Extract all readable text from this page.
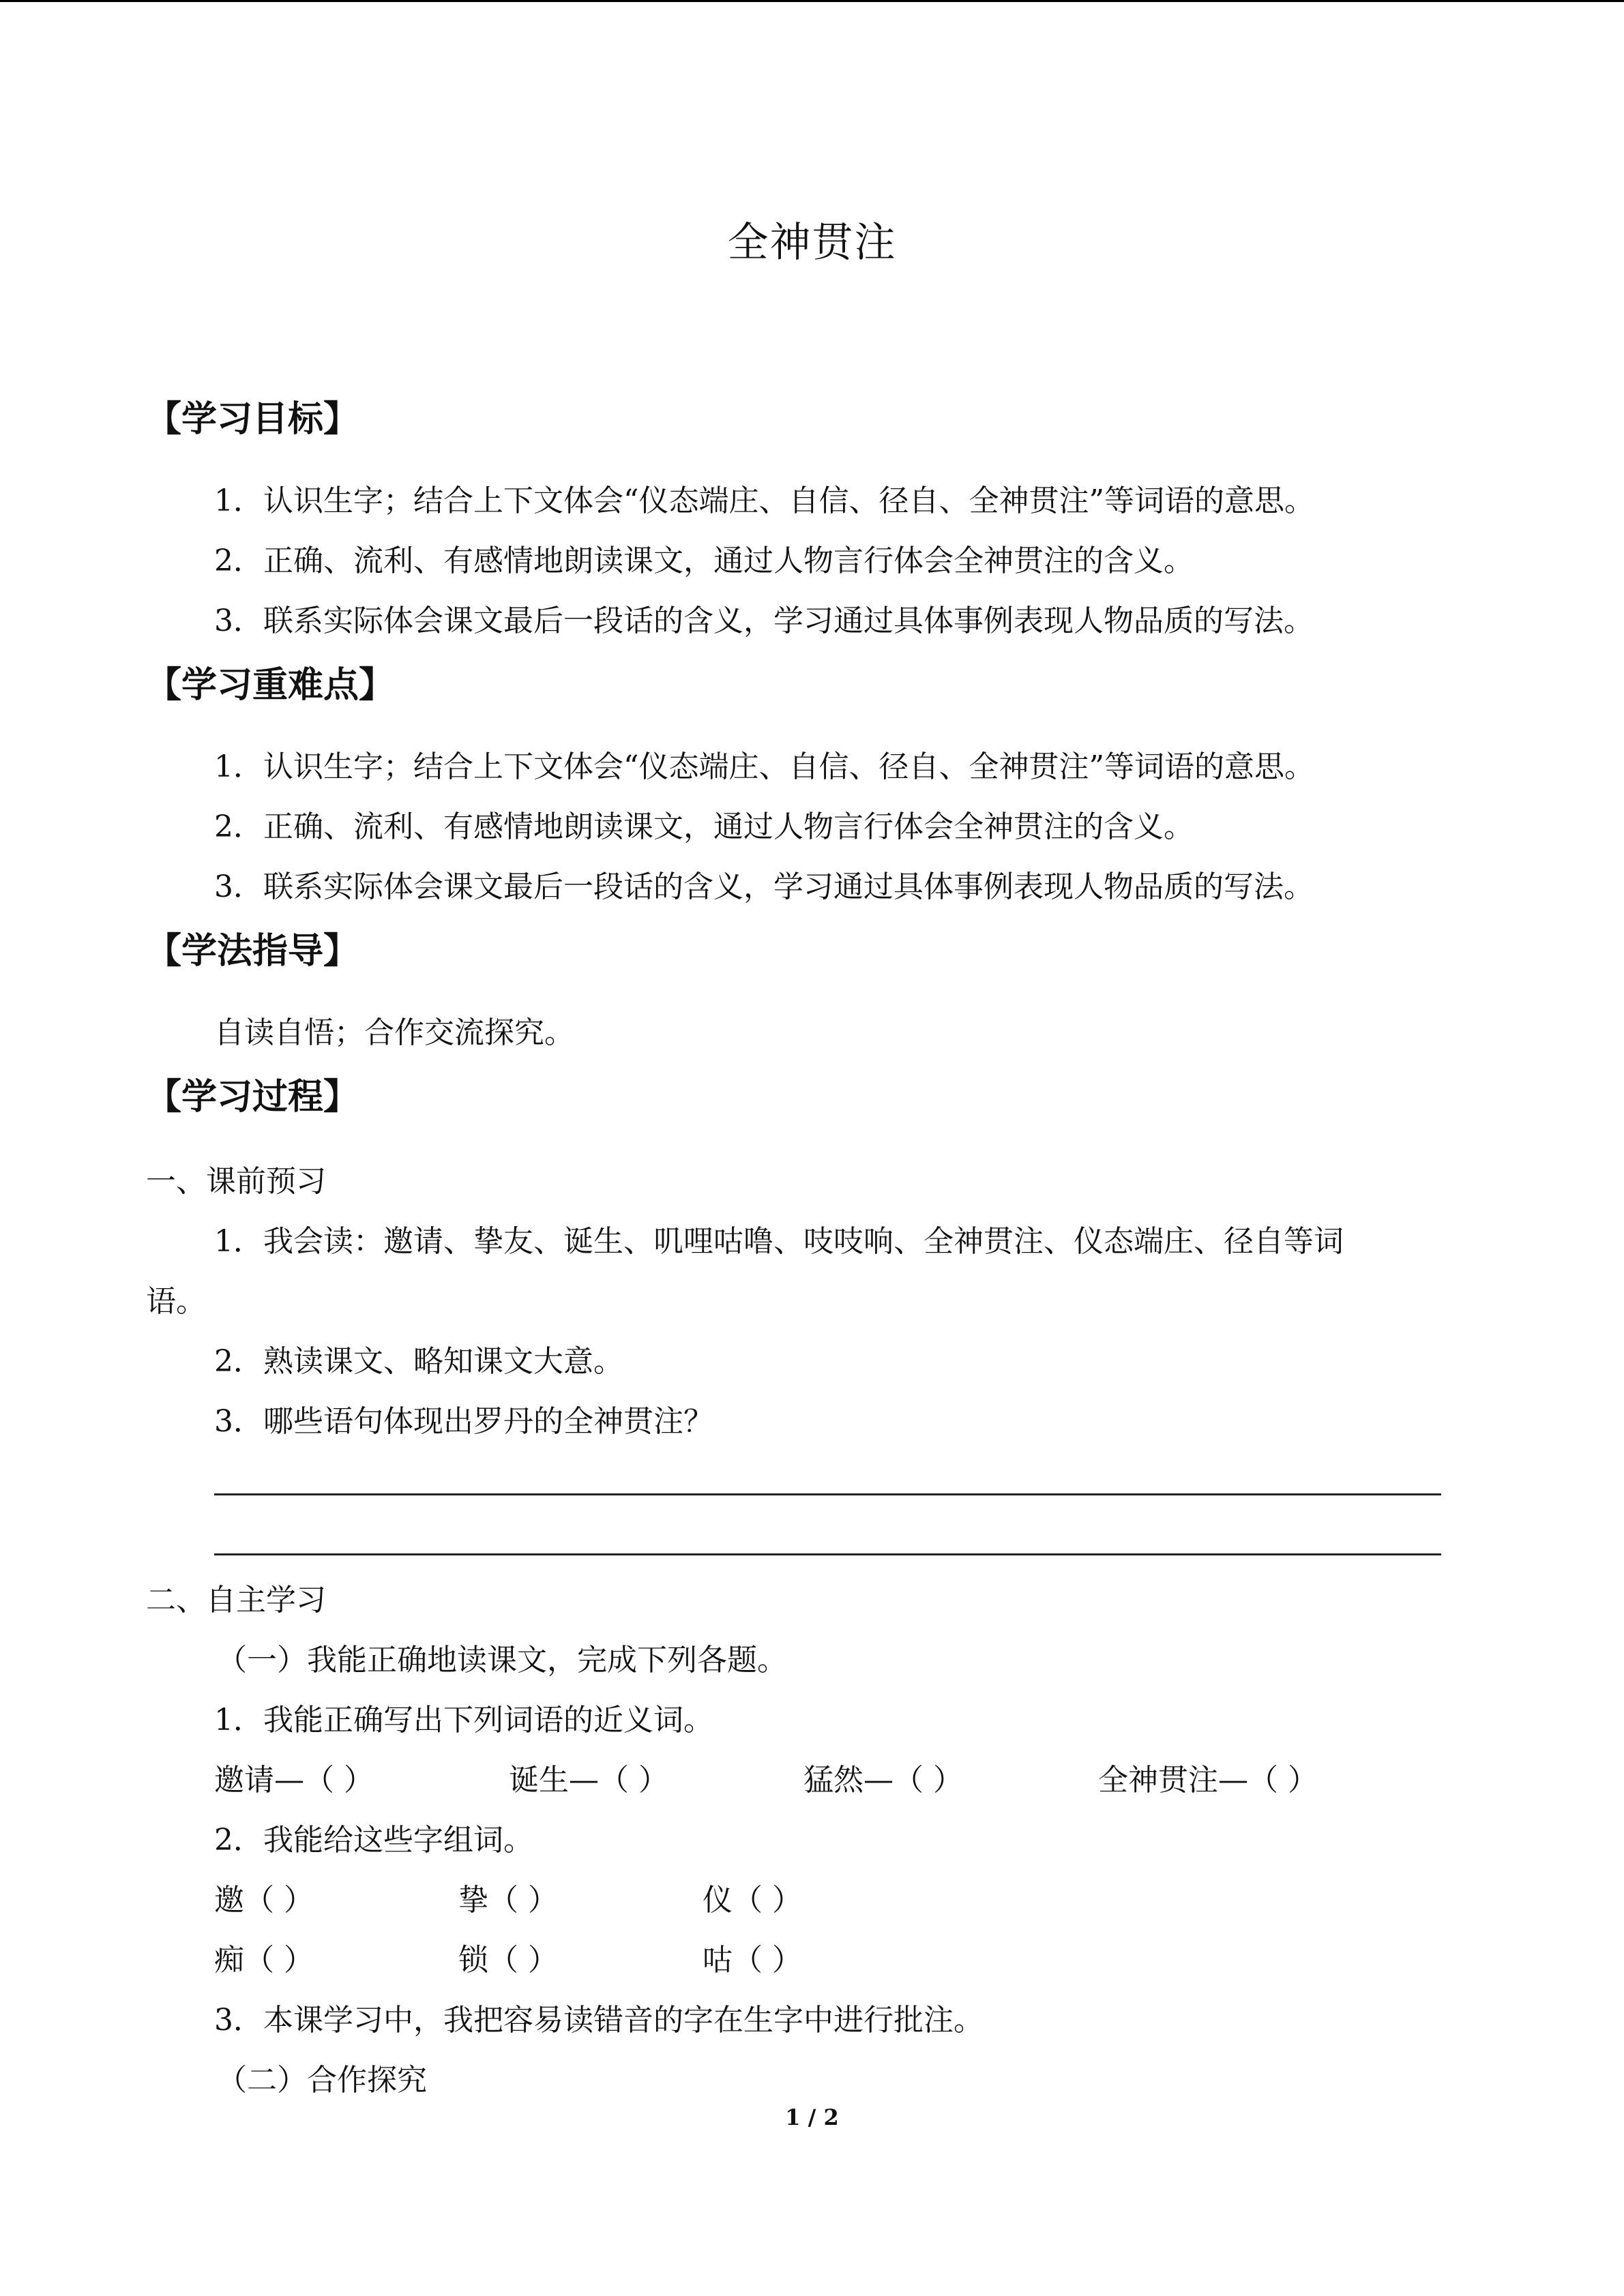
全神贯注
【学习目标】
1．认识生字；结合上下文体会“仪态端庄、自信、径自、全神贯注”等词语的意思。
2．正确、流利、有感情地朗读课文，通过人物言行体会全神贯注的含义。
3．联系实际体会课文最后一段话的含义，学习通过具体事例表现人物品质的写法。
【学习重难点】
1．认识生字；结合上下文体会“仪态端庄、自信、径自、全神贯注”等词语的意思。
2．正确、流利、有感情地朗读课文，通过人物言行体会全神贯注的含义。
3．联系实际体会课文最后一段话的含义，学习通过具体事例表现人物品质的写法。
【学法指导】
自读自悟；合作交流探究。
【学习过程】
一、课前预习
1．我会读：邀请、挚友、诞生、叽哩咕噜、吱吱响、全神贯注、仪态端庄、径自等词
语。
2．熟读课文、略知课文大意。
3．哪些语句体现出罗丹的全神贯注？
二、自主学习
（一）我能正确地读课文，完成下列各题。
1．我能正确写出下列词语的近义词。
邀请—（ ）	诞生—（ ）	猛然—（ ）	全神贯注—（ ）
2．我能给这些字组词。
邀（ ）	挚（ ）	仪（ ）
痴（ ）	锁（ ）	咕（ ）
3．本课学习中，我把容易读错音的字在生字中进行批注。
（二）合作探究
1 / 2
